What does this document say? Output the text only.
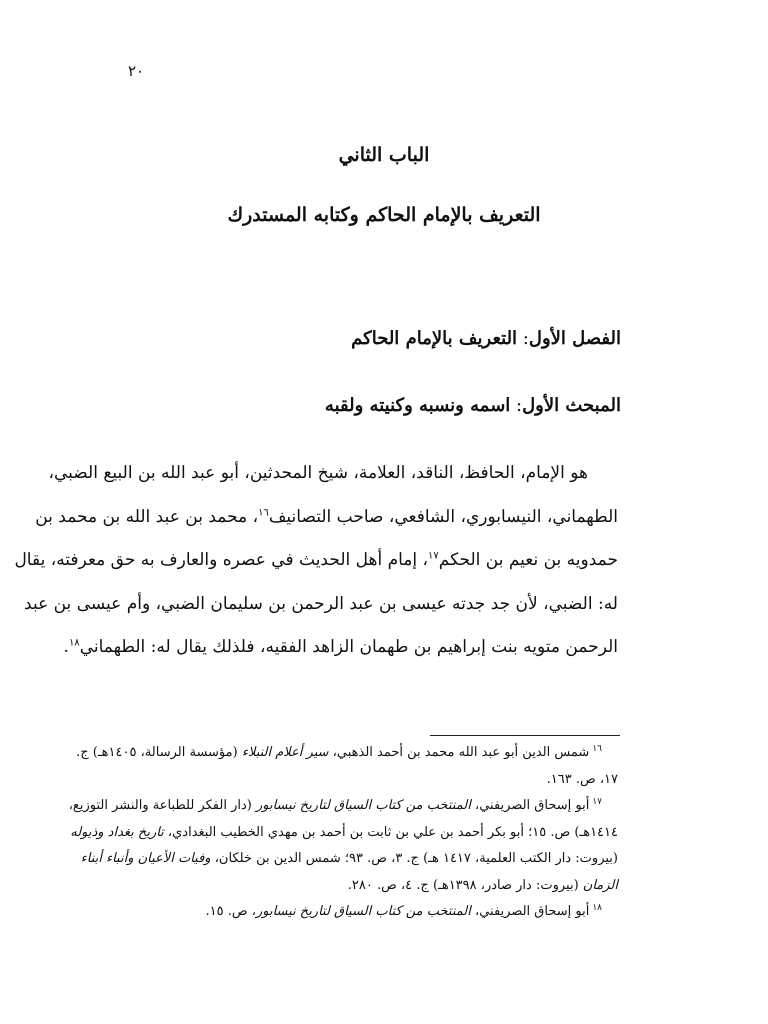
٢٠
الباب الثاني
التعريف بالإمام الحاكم وكتابه المستدرك
الفصل الأول: التعريف بالإمام الحاكم
المبحث الأول: اسمه ونسبه وكنيته ولقبه
هو الإمام، الحافظ، الناقد، العلامة، شيخ المحدثين، أبو عبد الله بن البيع الضبي،
الطهماني، النيسابوري، الشافعي، صاحب التصانيف$^{١٦}$، محمد بن عبد الله بن محمد بن
حمدويه بن نعيم بن الحكم$^{١٧}$، إمام أهل الحديث في عصره والعارف به حق معرفته، يقال
له: الضبي، لأن جد جدته عيسى بن عبد الرحمن بن سليمان الضبي، وأم عيسى بن عبد
الرحمن متويه بنت إبراهيم بن طهمان الزاهد الفقيه، فلذلك يقال له: الطهماني$^{١٨}$.
$^{١٦}$شمس الدين أبو عبد الله محمد بن أحمد الذهبي، سير أعلام النبلاء (مؤسسة الرسالة، ١٤٠٥هـ) ج.
١٧، ص. ١٦٣.
$^{١٧}$أبو إسحاق الصريفني، المنتخب من كتاب السياق لتاريخ نيسابور (دار الفكر للطباعة والنشر التوزيع،
١٤١٤هـ) ص. ١٥؛ أبو بكر أحمد بن علي بن ثابت بن أحمد بن مهدي الخطيب البغدادي، تاريخ بغداد وذيوله
(بيروت: دار الكتب العلمية، ١٤١٧ هـ) ج. ٣، ص. ٩٣؛ شمس الدين بن خلكان، وفيات الأعيان وأنباء أبناء
الزمان (بيروت: دار صادر، ١٣٩٨هـ) ج. ٤، ص. ٢٨٠.
$^{١٨}$أبو إسحاق الصريفني، المنتخب من كتاب السياق لتاريخ نيسابور، ص. ١٥.
